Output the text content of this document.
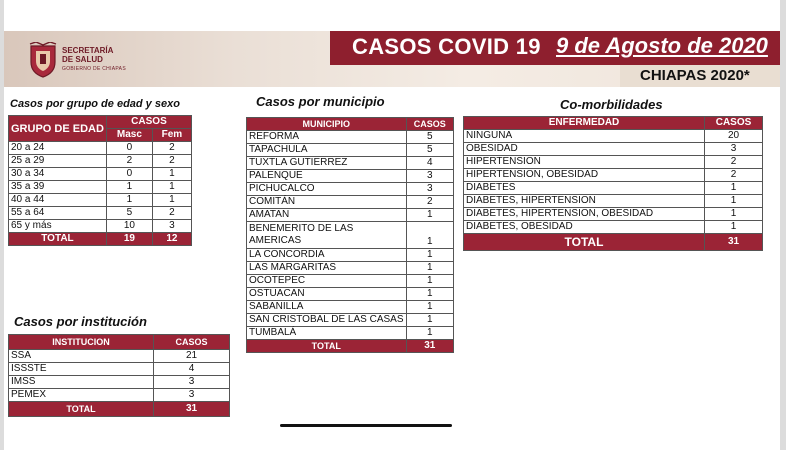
SECRETARÍA
DE SALUD
GOBIERNO DE CHIAPAS
CASOS COVID 19 9 de Agosto de 2020
CHIAPAS 2020*
Casos por grupo de edad y sexo
GRUPO DE EDAD	CASOS	
	Masc	Fem
20 a 24	0	2
25 a 29	2	2
30 a 34	0	1
35 a 39	1	1
40 a 44	1	1
55 a 64	5	2
65 y más	10	3
TOTAL	19	12
Casos por municipio
MUNICIPIO	CASOS
REFORMA	5
TAPACHULA	5
TUXTLA GUTIERREZ	4
PALENQUE	3
PICHUCALCO	3
COMITÁN	2
AMATAN	1
BENEMERITO DE LAS AMERICAS	1
LA CONCORDIA	1
LAS MARGARITAS	1
OCOTEPEC	1
OSTUACAN	1
SABANILLA	1
SAN CRISTOBAL DE LAS CASAS	1
TUMBALÁ	1
TOTAL	31
Co-morbilidades
ENFERMEDAD	CASOS
NINGUNA	20
OBESIDAD	3
HIPERTENSION	2
HIPERTENSION, OBESIDAD	2
DIABETES	1
DIABETES, HIPERTENSION	1
DIABETES, HIPERTENSION, OBESIDAD	1
DIABETES, OBESIDAD	1
TOTAL	31
Casos por institución
INSTITUCION	CASOS
SSA	21
ISSSTE	4
IMSS	3
PEMEX	3
TOTAL	31
